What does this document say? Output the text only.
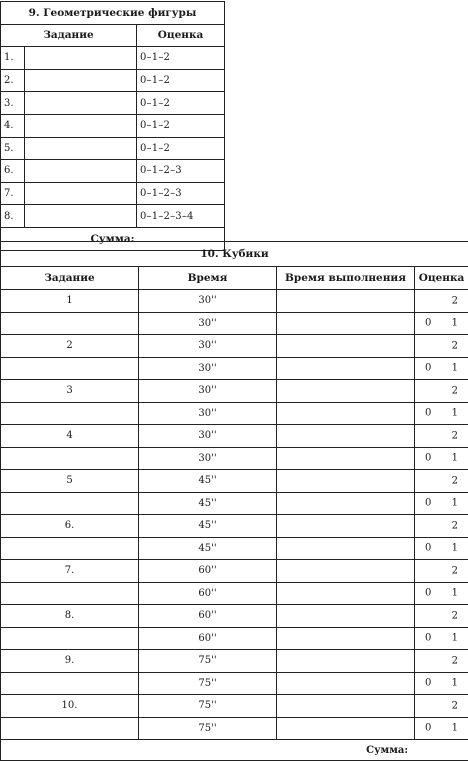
9. Геометрические фигуры		
Задание		Оценка
1.		0–1–2
2.		0–1–2
3.		0–1–2
4.		0–1–2
5.		0–1–2
6.		0–1–2–3
7.		0–1–2–3
8.		0–1–2–3–4
Сумма:		
10. Кубики			
Задание	Время	Время выполнения	Оценка
1	30''		2

	30''		0 1

2	30''		2

	30''		0 1

3	30''		2

	30''		0 1

4	30''		2

	30''		0 1

5	45''		2

	45''		0 1

6.	45''		2

	45''		0 1

7.	60''		2

	60''		0 1

8.	60''		2

	60''		0 1

9.	75''		2

	75''		0 1

10.	75''		2

	75''		0 1

Сумма:			
